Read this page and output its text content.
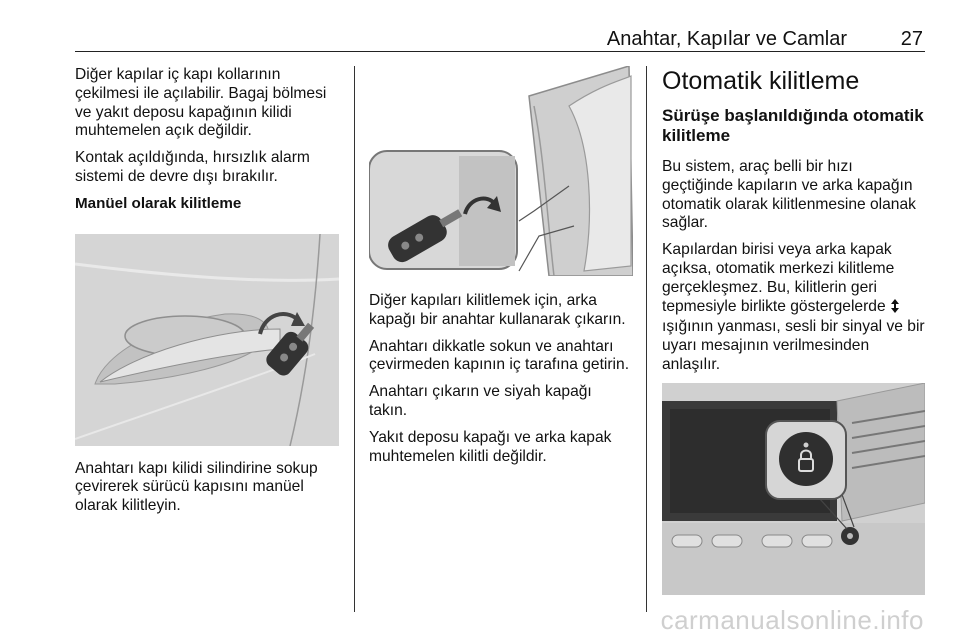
Anahtar, Kapılar ve Camlar	27

Diğer kapılar iç kapı kollarının çekilmesi ile açılabilir. Bagaj bölmesi ve yakıt deposu kapağının kilidi muhtemelen açık değildir.

Kontak açıldığında, hırsızlık alarm sistemi de devre dışı bırakılır.

Manüel olarak kilitleme

Anahtarı kapı kilidi silindirine sokup çevirerek sürücü kapısını manüel olarak kilitleyin.

Diğer kapıları kilitlemek için, arka kapağı bir anahtar kullanarak çıkarın.

Anahtarı dikkatle sokun ve anahtarı çevirmeden kapının iç tarafına getirin.

Anahtarı çıkarın ve siyah kapağı takın.

Yakıt deposu kapağı ve arka kapak muhtemelen kilitli değildir.

Otomatik kilitleme
Sürüşe başlanıldığında otomatik kilitleme

Bu sistem, araç belli bir hızı geçtiğinde kapıların ve arka kapağın otomatik olarak kilitlenmesine olanak sağlar.

Kapılardan birisi veya arka kapak açıksa, otomatik merkezi kilitleme gerçekleşmez. Bu, kilitlerin geri tepmesiyle birlikte göstergelerde  ışığının yanması, sesli bir sinyal ve bir uyarı mesajının verilmesinden anlaşılır.

carmanualsonline.info
